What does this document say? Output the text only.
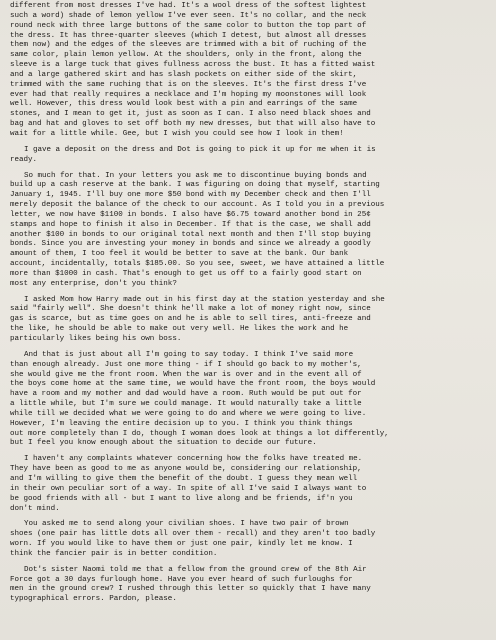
different from most dresses I've had. It's a wool dress of the softest lightest
such a word) shade of lemon yellow I've ever seen. It's no collar, and the neck
round neck with three large buttons of the same color to button the top part of
the dress. It has three-quarter sleeves (which I detest, but almost all dresses
them now) and the edges of the sleeves are trimmed with a bit of ruching of the
same color, plain lemon yellow. At the shoulders, only in the front, along the
sleeve is a large tuck that gives fullness across the bust. It has a fitted waist
and a large gathered skirt and has slash pockets on either side of the skirt,
trimmed with the same ruching that is on the sleeves. It's the first dress I've
ever had that really requires a necklace and I'm hoping my moonstones will look
well. However, this dress would look best with a pin and earrings of the same
stones, and I mean to get it, just as soon as I can. I also need black shoes and
bag and hat and gloves to set off both my new dresses, but that will also have to
wait for a little while. Gee, but I wish you could see how I look in them!
I gave a deposit on the dress and Dot is going to pick it up for me when it is
ready.
So much for that. In your letters you ask me to discontinue buying bonds and
build up a cash reserve at the bank. I was figuring on doing that myself, starting
January 1, 1945. I'll buy one more $50 bond with my December check and then I'll
merely deposit the balance of the check to our account. As I told you in a previous
letter, we now have $1100 in bonds. I also have $6.75 toward another bond in 25¢
stamps and hope to finish it also in December. If that is the case, we shall add
another $100 in bonds to our original total next month and then I'll stop buying
bonds. Since you are investing your money in bonds and since we already a goodly
amount of them, I too feel it would be better to save at the bank. Our bank
account, incidentally, totals $185.00. So you see, sweet, we have attained a little
more than $1000 in cash. That's enough to get us off to a fairly good start on
most any enterprise, don't you think?
I asked Mom how Harry made out in his first day at the station yesterday and she
said "fairly well". She doesn't think he'll make a lot of money right now, since
gas is scarce, but as time goes on and he is able to sell tires, anti-freeze and
the like, he should be able to make out very well. He likes the work and he
particularly likes being his own boss.
And that is just about all I'm going to say today. I think I've said more
than enough already. Just one more thing - if I should go back to my mother's,
she would give me the front room. When the war is over and in the event all of
the boys come home at the same time, we would have the front room, the boys would
have a room and my mother and dad would have a room. Ruth would be put out for
a little while, but I'm sure we could manage. It would naturally take a little
while till we decided what we were going to do and where we were going to live.
However, I'm leaving the entire decision up to you. I think you think things
out more completely than I do, though I woman does look at things a lot differently,
but I feel you know enough about the situation to decide our future.
I haven't any complaints whatever concerning how the folks have treated me.
They have been as good to me as anyone would be, considering our relationship,
and I'm willing to give them the benefit of the doubt. I guess they mean well
in their own peculiar sort of a way. In spite of all I've said I always want to
be good friends with all - but I want to live along and be friends, if'n you
don't mind.
You asked me to send along your civilian shoes. I have two pair of brown
shoes (one pair has little dots all over them - recall) and they aren't too badly
worn. If you would like to have them or just one pair, kindly let me know. I
think the fancier pair is in better condition.
Dot's sister Naomi told me that a fellow from the ground crew of the 8th Air
Force got a 30 days furlough home. Have you ever heard of such furloughs for
men in the ground crew? I rushed through this letter so quickly that I have many
typographical errors. Pardon, please.
